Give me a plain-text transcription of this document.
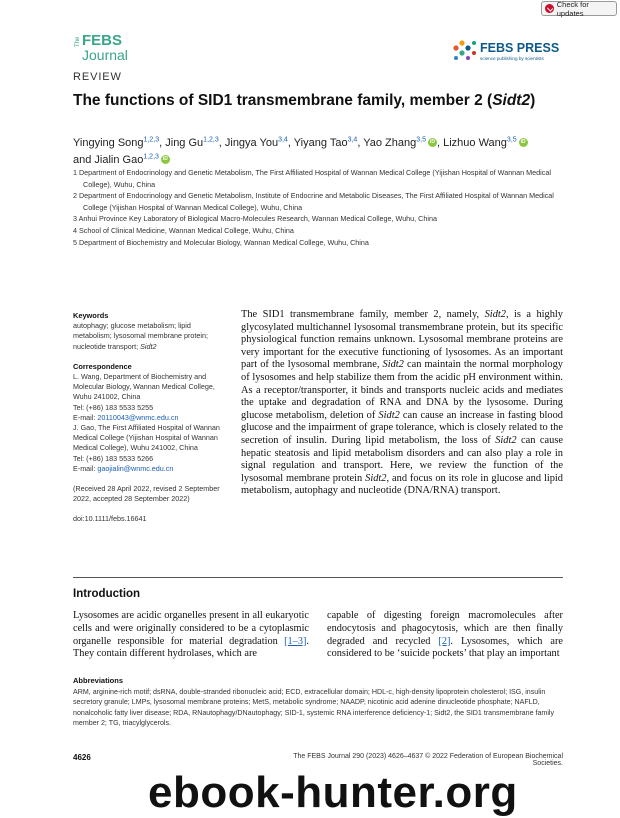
Check for updates
The FEBS
Journal
REVIEW
FEBS PRESS
science publishing by scientists
The functions of SID1 transmembrane family, member 2 (Sidt2)
Yingying Song$^{1,2,3}$, Jing Gu$^{1,2,3}$, Jingya You$^{3,4}$, Yiyang Tao$^{3,4}$, Yao Zhang$^{3,5}$ iD , Lizhuo Wang$^{3,5}$ iD
and Jialin Gao$^{1,2,3}$ iD
1 Department of Endocrinology and Genetic Metabolism, The First Affiliated Hospital of Wannan Medical College (Yijishan Hospital of Wannan Medical College), Wuhu, China
2 Department of Endocrinology and Genetic Metabolism, Institute of Endocrine and Metabolic Diseases, The First Affiliated Hospital of Wannan Medical College (Yijishan Hospital of Wannan Medical College), Wuhu, China
3 Anhui Province Key Laboratory of Biological Macro-Molecules Research, Wannan Medical College, Wuhu, China
4 School of Clinical Medicine, Wannan Medical College, Wuhu, China
5 Department of Biochemistry and Molecular Biology, Wannan Medical College, Wuhu, China
Keywords

autophagy; glucose metabolism; lipid metabolism; lysosomal membrane protein; nucleotide transport; Sidt2

Correspondence

L. Wang, Department of Biochemistry and Molecular Biology, Wannan Medical College, Wuhu 241002, China

Tel: (+86) 183 5533 5255

E-mail: 20110043@wnmc.edu.cn

J. Gao, The First Affiliated Hospital of Wannan Medical College (Yijishan Hospital of Wannan Medical College), Wuhu 241002, China

Tel: (+86) 183 5533 5266

E-mail: gaojialin@wnmc.edu.cn

(Received 28 April 2022, revised 2 September 2022, accepted 28 September 2022)

doi:10.1111/febs.16641

The SID1 transmembrane family, member 2, namely, Sidt2, is a highly glycosylated multichannel lysosomal transmembrane protein, but its specific physiological function remains unknown. Lysosomal membrane proteins are very important for the executive functioning of lysosomes. As an important part of the lysosomal membrane, Sidt2 can maintain the normal morphology of lysosomes and help stabilize them from the acidic pH environment within. As a receptor/transporter, it binds and transports nucleic acids and mediates the uptake and degradation of RNA and DNA by the lysosome. During glucose metabolism, deletion of Sidt2 can cause an increase in fasting blood glucose and the impairment of grape tolerance, which is closely related to the secretion of insulin. During lipid metabolism, the loss of Sidt2 can cause hepatic steatosis and lipid metabolism disorders and can also play a role in signal regulation and transport. Here, we review the function of the lysosomal membrane protein Sidt2, and focus on its role in glucose and lipid metabolism, autophagy and nucleotide (DNA/RNA) transport.
Introduction
Lysosomes are acidic organelles present in all eukaryotic cells and were originally considered to be a cytoplasmic organelle responsible for material degradation [1–3]. They contain different hydrolases, which are
capable of digesting foreign macromolecules after endocytosis and phagocytosis, which are then finally degraded and recycled [2]. Lysosomes, which are considered to be ‘suicide pockets’ that play an important
Abbreviations
ARM, arginine-rich motif; dsRNA, double-stranded ribonucleic acid; ECD, extracellular domain; HDL-c, high-density lipoprotein cholesterol; ISG, insulin secretory granule; LMPs, lysosomal membrane proteins; MetS, metabolic syndrome; NAADP, nicotinic acid adenine dinucleotide phosphate; NAFLD, nonalcoholic fatty liver disease; RDA, RNautophagy/DNautophagy; SID-1, systemic RNA interference deficiency-1; Sidt2, the SID1 transmembrane family member 2; TG, triacylglycerols.
4626	The FEBS Journal 290 (2023) 4626–4637 © 2022 Federation of European Biochemical Societies.
ebook-hunter.org
